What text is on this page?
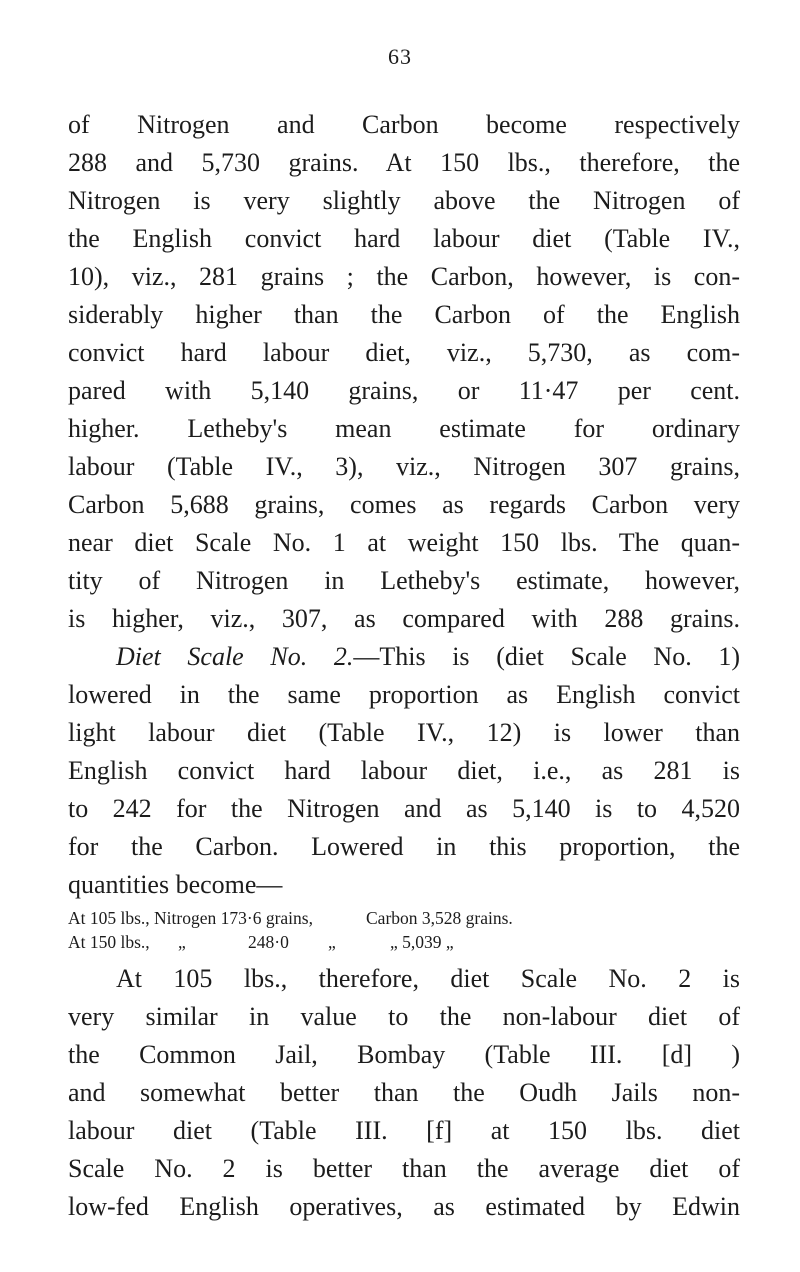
63
of Nitrogen and Carbon become respectively
288 and 5,730 grains. At 150 lbs., therefore, the
Nitrogen is very slightly above the Nitrogen of
the English convict hard labour diet (Table IV.,
10), viz., 281 grains ; the Carbon, however, is con-
siderably higher than the Carbon of the English
convict hard labour diet, viz., 5,730, as com-
pared with 5,140 grains, or 11·47 per cent.
higher. Letheby's mean estimate for ordinary
labour (Table IV., 3), viz., Nitrogen 307 grains,
Carbon 5,688 grains, comes as regards Carbon very
near diet Scale No. 1 at weight 150 lbs. The quan-
tity of Nitrogen in Letheby's estimate, however,
is higher, viz., 307, as compared with 288 grains.
Diet Scale No. 2.—This is (diet Scale No. 1)
lowered in the same proportion as English convict
light labour diet (Table IV., 12) is lower than
English convict hard labour diet, i.e., as 281 is
to 242 for the Nitrogen and as 5,140 is to 4,520
for the Carbon. Lowered in this proportion, the
quantities become—
At 105 lbs., Nitrogen 173·6 grains,	Carbon 3,528 grains.
At 150 lbs., „	248·0 „	„ 5,039 „
At 105 lbs., therefore, diet Scale No. 2 is
very similar in value to the non-labour diet of
the Common Jail, Bombay (Table III. [d] )
and somewhat better than the Oudh Jails non-
labour diet (Table III. [f] at 150 lbs. diet
Scale No. 2 is better than the average diet of
low-fed English operatives, as estimated by Edwin
